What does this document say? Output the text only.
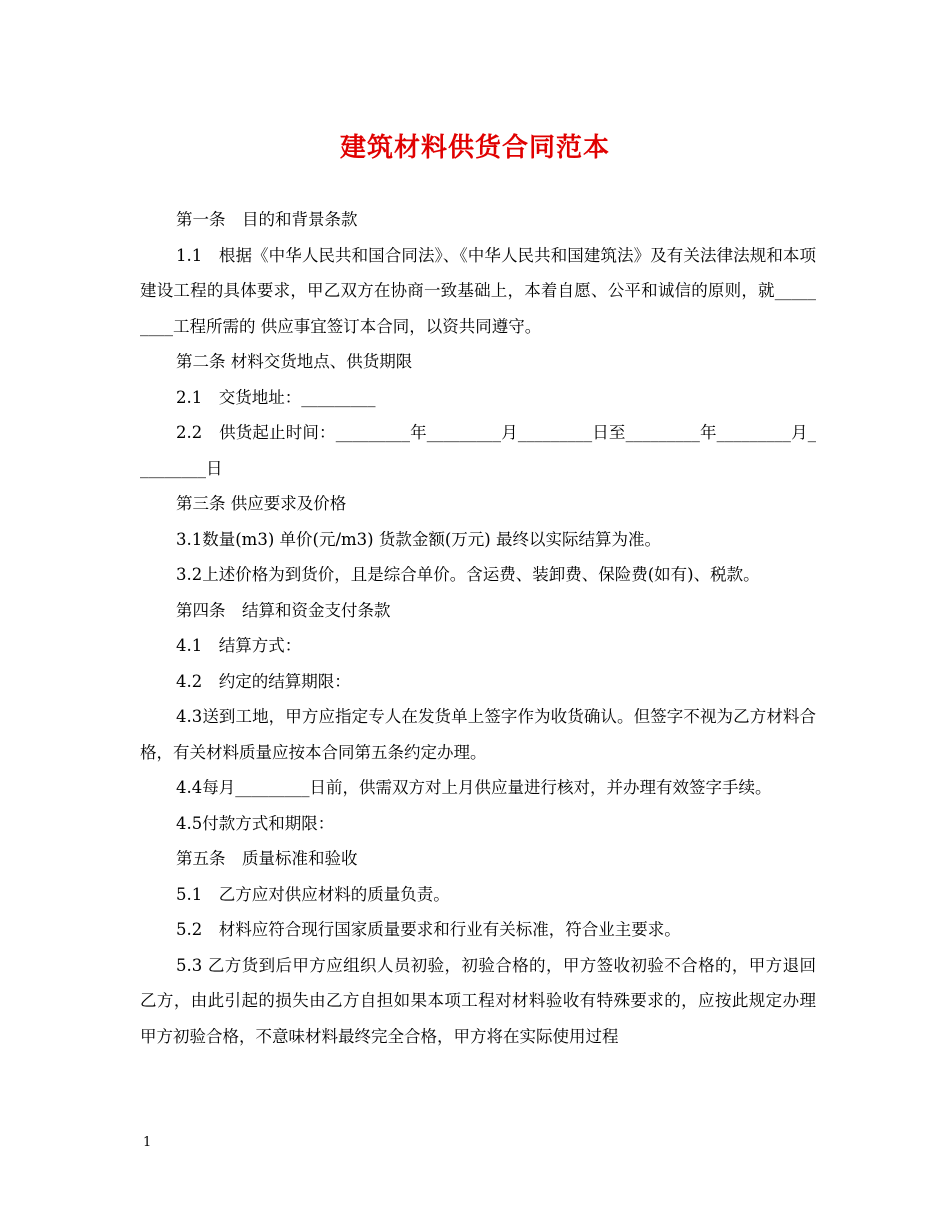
建筑材料供货合同范本

第一条　目的和背景条款

1.1　根据《中华人民共和国合同法》、《中华人民共和国建筑法》及有关法律法规和本项建设工程的具体要求，甲乙双方在协商一致基础上，本着自愿、公平和诚信的原则，就_________工程所需的 供应事宜签订本合同，以资共同遵守。

第二条 材料交货地点、供货期限

2.1　交货地址：_________

2.2　供货起止时间：_________年_________月_________日至_________年_________月_________日

第三条 供应要求及价格

3.1数量(m3) 单价(元/m3) 货款金额(万元) 最终以实际结算为准。

3.2上述价格为到货价，且是综合单价。含运费、装卸费、保险费(如有)、税款。

第四条　结算和资金支付条款

4.1　结算方式：

4.2　约定的结算期限：

4.3送到工地，甲方应指定专人在发货单上签字作为收货确认。但签字不视为乙方材料合格，有关材料质量应按本合同第五条约定办理。

4.4每月_________日前，供需双方对上月供应量进行核对，并办理有效签字手续。

4.5付款方式和期限：

第五条　质量标准和验收

5.1　乙方应对供应材料的质量负责。

5.2　材料应符合现行国家质量要求和行业有关标准，符合业主要求。

5.3 乙方货到后甲方应组织人员初验，初验合格的，甲方签收初验不合格的，甲方退回乙方，由此引起的损失由乙方自担如果本项工程对材料验收有特殊要求的，应按此规定办理甲方初验合格，不意味材料最终完全合格，甲方将在实际使用过程

1
